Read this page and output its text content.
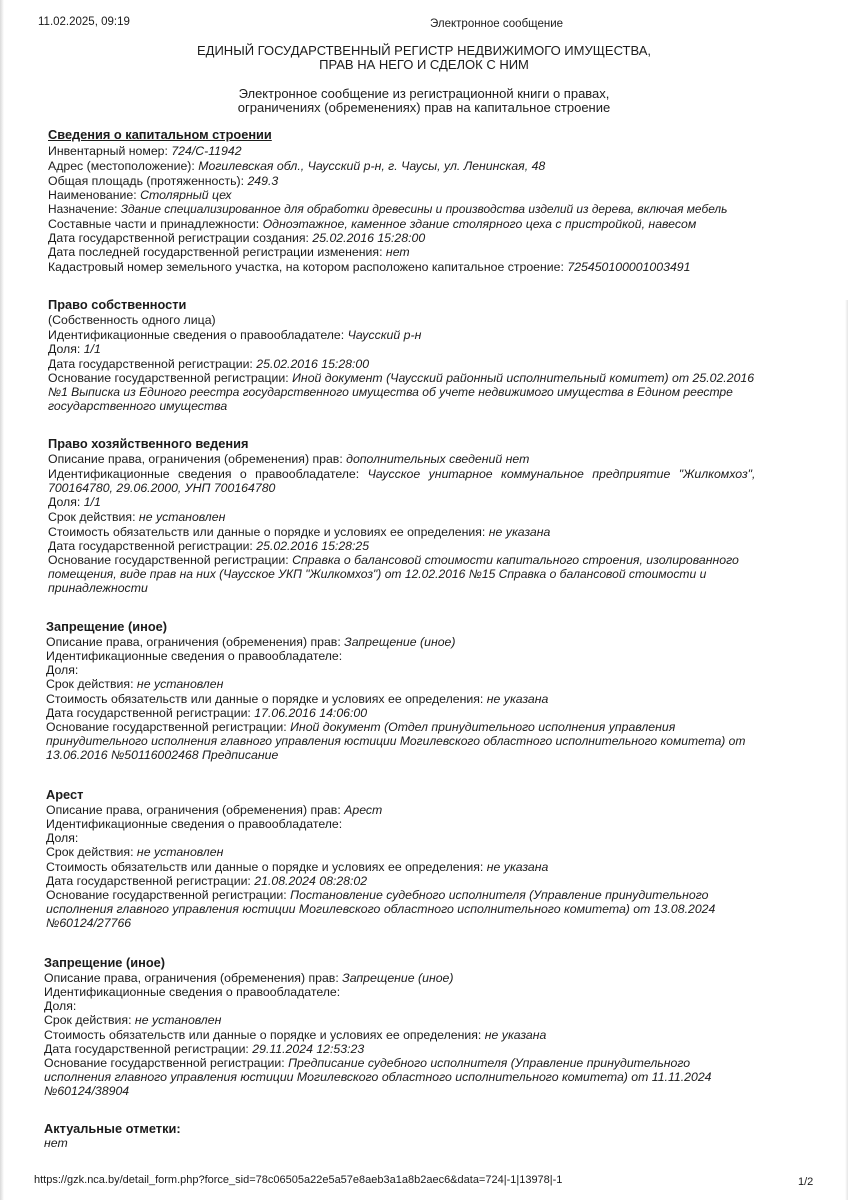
11.02.2025, 09:19	Электронное сообщение
ЕДИНЫЙ ГОСУДАРСТВЕННЫЙ РЕГИСТР НЕДВИЖИМОГО ИМУЩЕСТВА,
ПРАВ НА НЕГО И СДЕЛОК С НИМ
Электронное сообщение из регистрационной книги о правах,
ограничениях (обременениях) прав на капитальное строение
Сведения о капитальном строении
Инвентарный номер: 724/С-11942
Адрес (местоположение): Могилевская обл., Чаусский р-н, г. Чаусы, ул. Ленинская, 48
Общая площадь (протяженность): 249.3
Наименование: Столярный цех
Назначение: Здание специализированное для обработки древесины и производства изделий из дерева, включая мебель
Составные части и принадлежности: Одноэтажное, каменное здание столярного цеха с пристройкой, навесом
Дата государственной регистрации создания: 25.02.2016 15:28:00
Дата последней государственной регистрации изменения: нет
Кадастровый номер земельного участка, на котором расположено капитальное строение: 725450100001003491
Право собственности
(Собственность одного лица)
Идентификационные сведения о правообладателе: Чаусский р-н
Доля: 1/1
Дата государственной регистрации: 25.02.2016 15:28:00
Основание государственной регистрации: Иной документ (Чаусский районный исполнительный комитет) от 25.02.2016
№1 Выписка из Единого реестра государственного имущества об учете недвижимого имущества в Едином реестре
государственного имущества
Право хозяйственного ведения
Описание права, ограничения (обременения) прав: дополнительных сведений нет
Идентификационные сведения о правообладателе: Чаусское унитарное коммунальное предприятие "Жилкомхоз",
700164780, 29.06.2000, УНП 700164780
Доля: 1/1
Срок действия: не установлен
Стоимость обязательств или данные о порядке и условиях ее определения: не указана
Дата государственной регистрации: 25.02.2016 15:28:25
Основание государственной регистрации: Справка о балансовой стоимости капитального строения, изолированного
помещения, виде прав на них (Чаусское УКП "Жилкомхоз") от 12.02.2016 №15 Справка о балансовой стоимости и
принадлежности
Запрещение (иное)
Описание права, ограничения (обременения) прав: Запрещение (иное)
Идентификационные сведения о правообладателе:
Доля:
Срок действия: не установлен
Стоимость обязательств или данные о порядке и условиях ее определения: не указана
Дата государственной регистрации: 17.06.2016 14:06:00
Основание государственной регистрации: Иной документ (Отдел принудительного исполнения управления
принудительного исполнения главного управления юстиции Могилевского областного исполнительного комитета) от
13.06.2016 №50116002468 Предписание
Арест
Описание права, ограничения (обременения) прав: Арест
Идентификационные сведения о правообладателе:
Доля:
Срок действия: не установлен
Стоимость обязательств или данные о порядке и условиях ее определения: не указана
Дата государственной регистрации: 21.08.2024 08:28:02
Основание государственной регистрации: Постановление судебного исполнителя (Управление принудительного
исполнения главного управления юстиции Могилевского областного исполнительного комитета) от 13.08.2024
№60124/27766
Запрещение (иное)
Описание права, ограничения (обременения) прав: Запрещение (иное)
Идентификационные сведения о правообладателе:
Доля:
Срок действия: не установлен
Стоимость обязательств или данные о порядке и условиях ее определения: не указана
Дата государственной регистрации: 29.11.2024 12:53:23
Основание государственной регистрации: Предписание судебного исполнителя (Управление принудительного
исполнения главного управления юстиции Могилевского областного исполнительного комитета) от 11.11.2024
№60124/38904
Актуальные отметки:
нет
https://gzk.nca.by/detail_form.php?force_sid=78c06505a22e5a57e8aeb3a1a8b2aec6&data=724|-1|13978|-1	1/2
